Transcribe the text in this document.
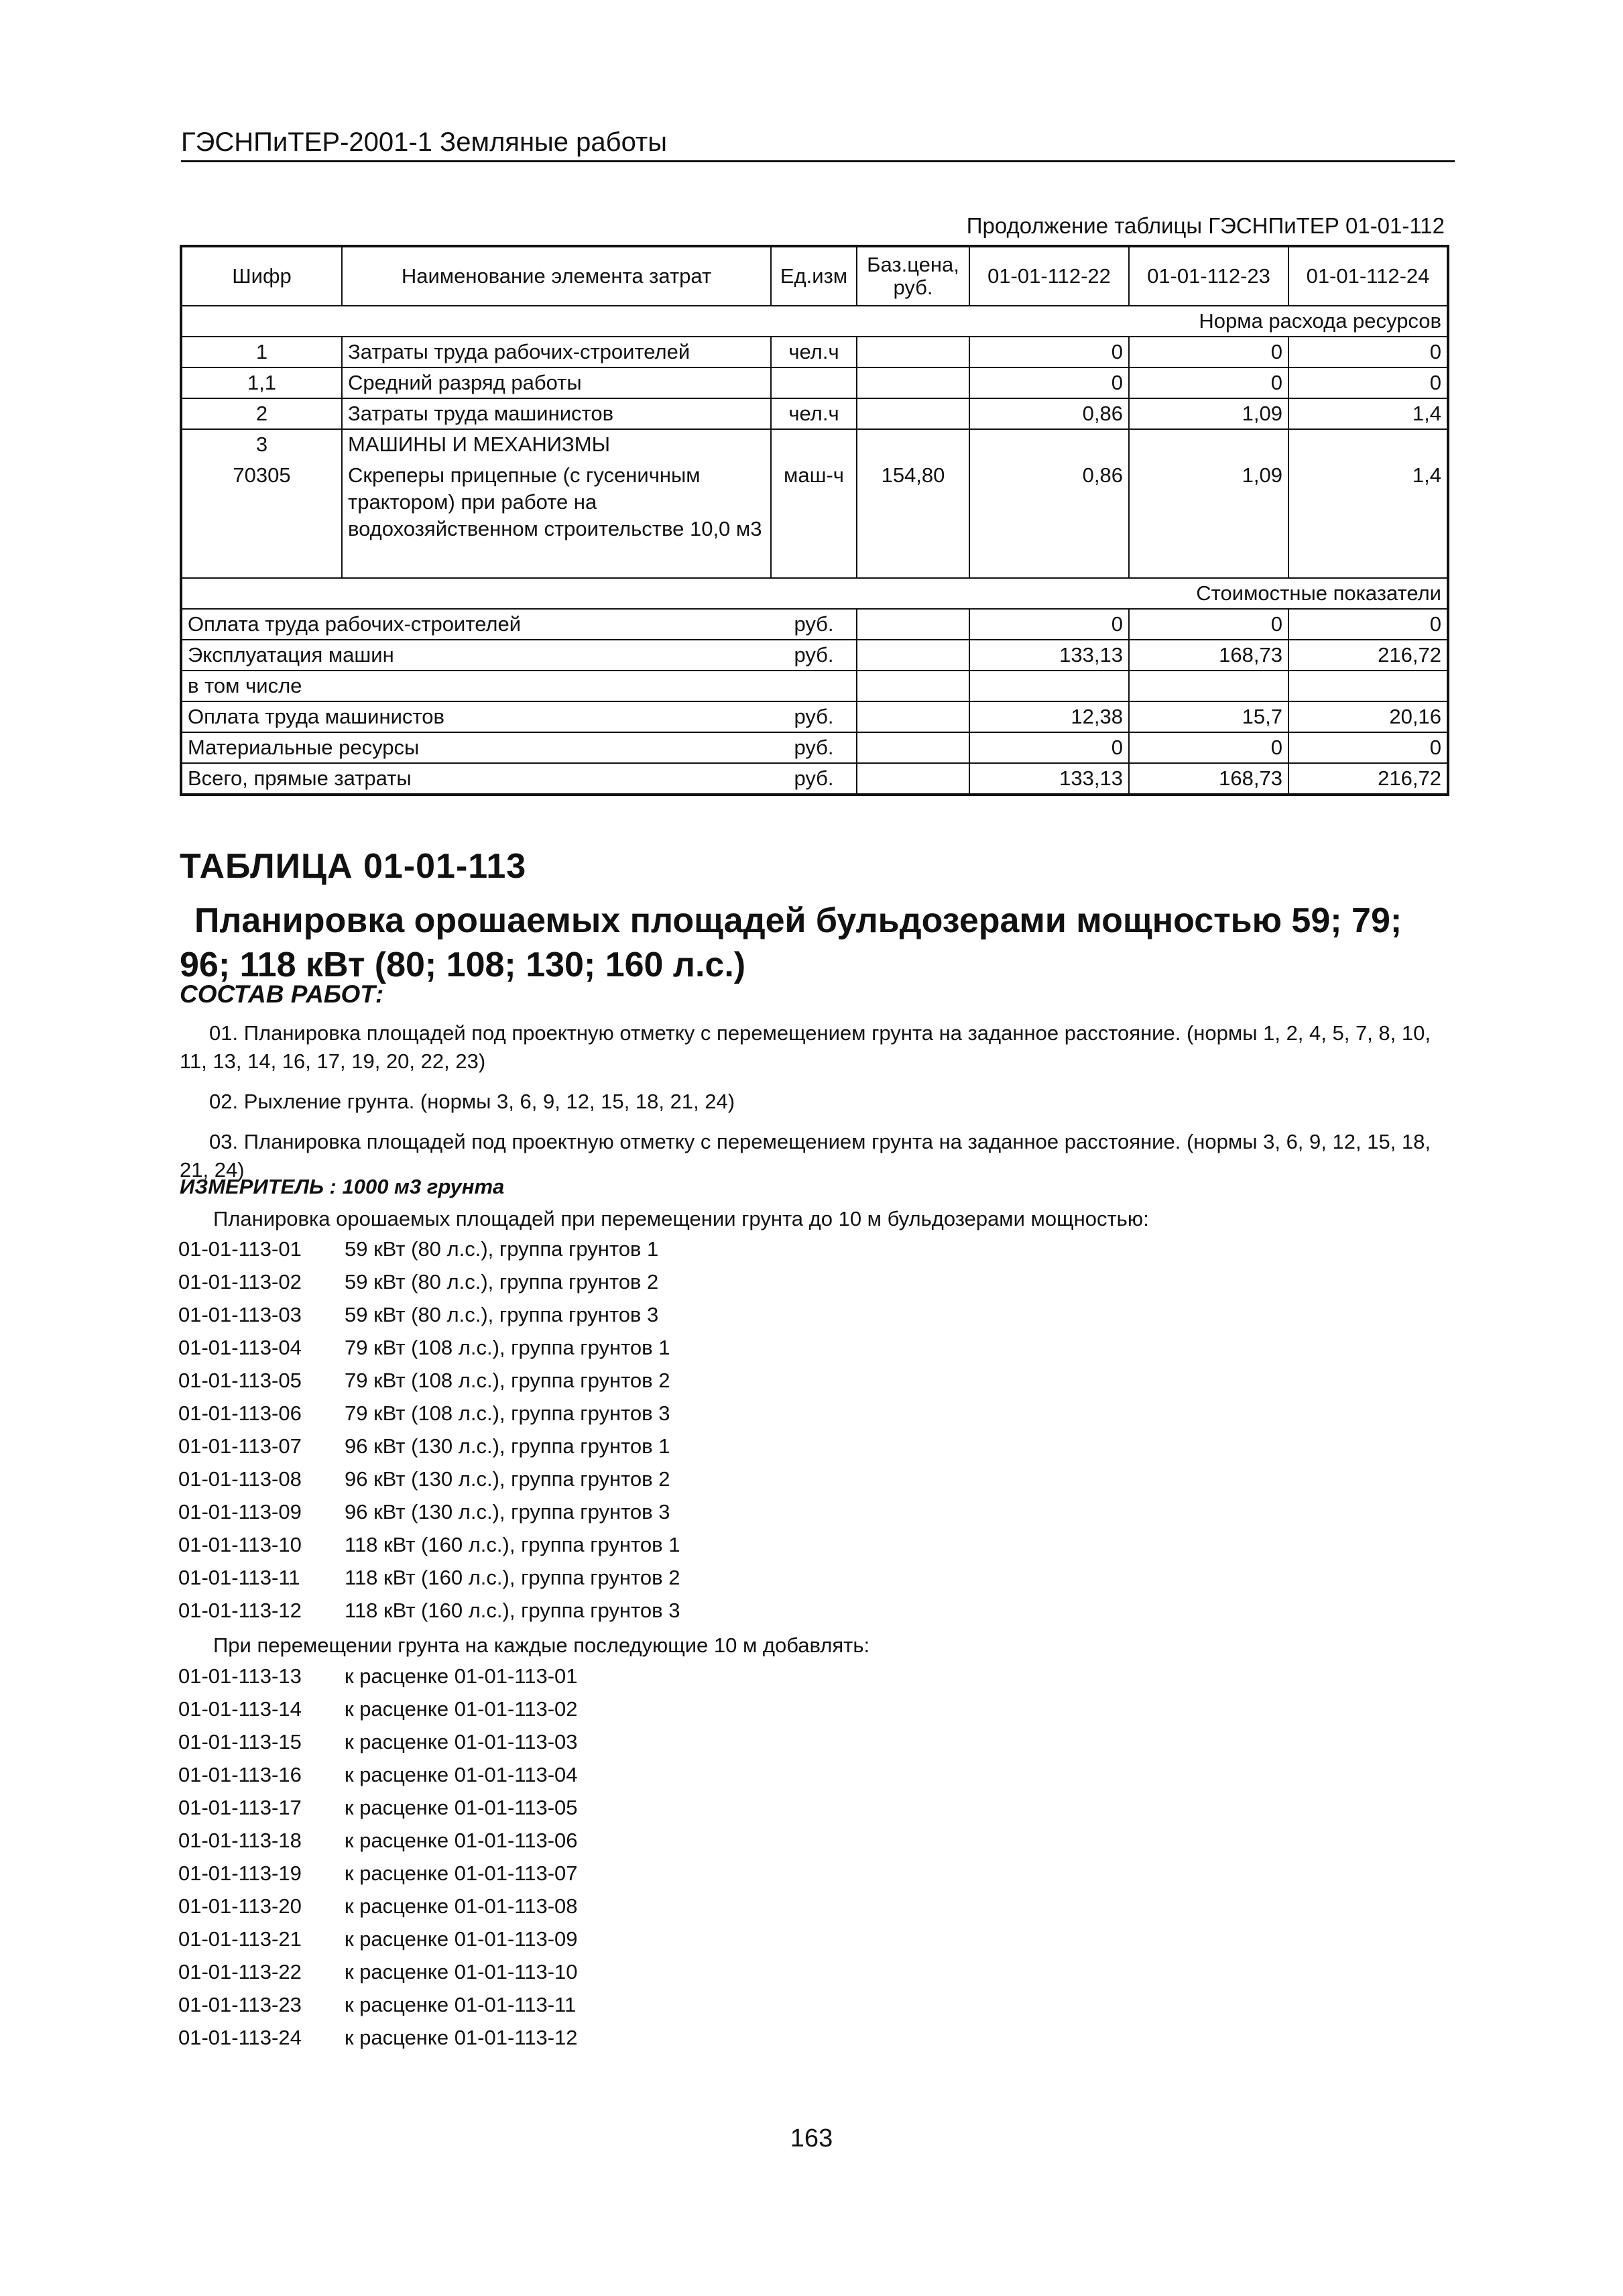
ГЭСНПиТЕР-2001-1 Земляные работы
Продолжение таблицы ГЭСНПиТЕР 01-01-112
Шифр	Наименование элемента затрат	Ед.изм	Баз.цена, руб.	01-01-112-22	01-01-112-23	01-01-112-24
Норма расхода ресурсов						
1	Затраты труда рабочих-строителей	чел.ч		0	0	0
1,1	Средний разряд работы			0	0	0
2	Затраты труда машинистов	чел.ч		0,86	1,09	1,4
3	МАШИНЫ И МЕХАНИЗМЫ					
70305	Скреперы прицепные (с гусеничным трактором) при работе на водохозяйственном строительстве 10,0 м3	маш-ч	154,80	0,86	1,09	1,4
Стоимостные показатели						
Оплата труда рабочих-строителей		руб.		0	0	0
Эксплуатация машин		руб.		133,13	168,73	216,72
в том числе						
Оплата труда машинистов		руб.		12,38	15,7	20,16
Материальные ресурсы		руб.		0	0	0
Всего, прямые затраты		руб.		133,13	168,73	216,72
ТАБЛИЦА 01-01-113
Планировка орошаемых площадей бульдозерами мощностью 59; 79; 96; 118 кВт (80; 108; 130; 160 л.с.)
СОСТАВ РАБОТ:

01. Планировка площадей под проектную отметку с перемещением грунта на заданное расстояние. (нормы 1, 2, 4, 5, 7, 8, 10, 11, 13, 14, 16, 17, 19, 20, 22, 23)

02. Рыхление грунта. (нормы 3, 6, 9, 12, 15, 18, 21, 24)

03. Планировка площадей под проектную отметку с перемещением грунта на заданное расстояние. (нормы 3, 6, 9, 12, 15, 18, 21, 24)

ИЗМЕРИТЕЛЬ : 1000 м3 грунта
Планировка орошаемых площадей при перемещении грунта до 10 м бульдозерами мощностью:
01-01-113-01	59 кВт (80 л.с.), группа грунтов 1
01-01-113-02	59 кВт (80 л.с.), группа грунтов 2
01-01-113-03	59 кВт (80 л.с.), группа грунтов 3
01-01-113-04	79 кВт (108 л.с.), группа грунтов 1
01-01-113-05	79 кВт (108 л.с.), группа грунтов 2
01-01-113-06	79 кВт (108 л.с.), группа грунтов 3
01-01-113-07	96 кВт (130 л.с.), группа грунтов 1
01-01-113-08	96 кВт (130 л.с.), группа грунтов 2
01-01-113-09	96 кВт (130 л.с.), группа грунтов 3
01-01-113-10	118 кВт (160 л.с.), группа грунтов 1
01-01-113-11	118 кВт (160 л.с.), группа грунтов 2
01-01-113-12	118 кВт (160 л.с.), группа грунтов 3
При перемещении грунта на каждые последующие 10 м добавлять:
01-01-113-13	к расценке 01-01-113-01
01-01-113-14	к расценке 01-01-113-02
01-01-113-15	к расценке 01-01-113-03
01-01-113-16	к расценке 01-01-113-04
01-01-113-17	к расценке 01-01-113-05
01-01-113-18	к расценке 01-01-113-06
01-01-113-19	к расценке 01-01-113-07
01-01-113-20	к расценке 01-01-113-08
01-01-113-21	к расценке 01-01-113-09
01-01-113-22	к расценке 01-01-113-10
01-01-113-23	к расценке 01-01-113-11
01-01-113-24	к расценке 01-01-113-12
163
